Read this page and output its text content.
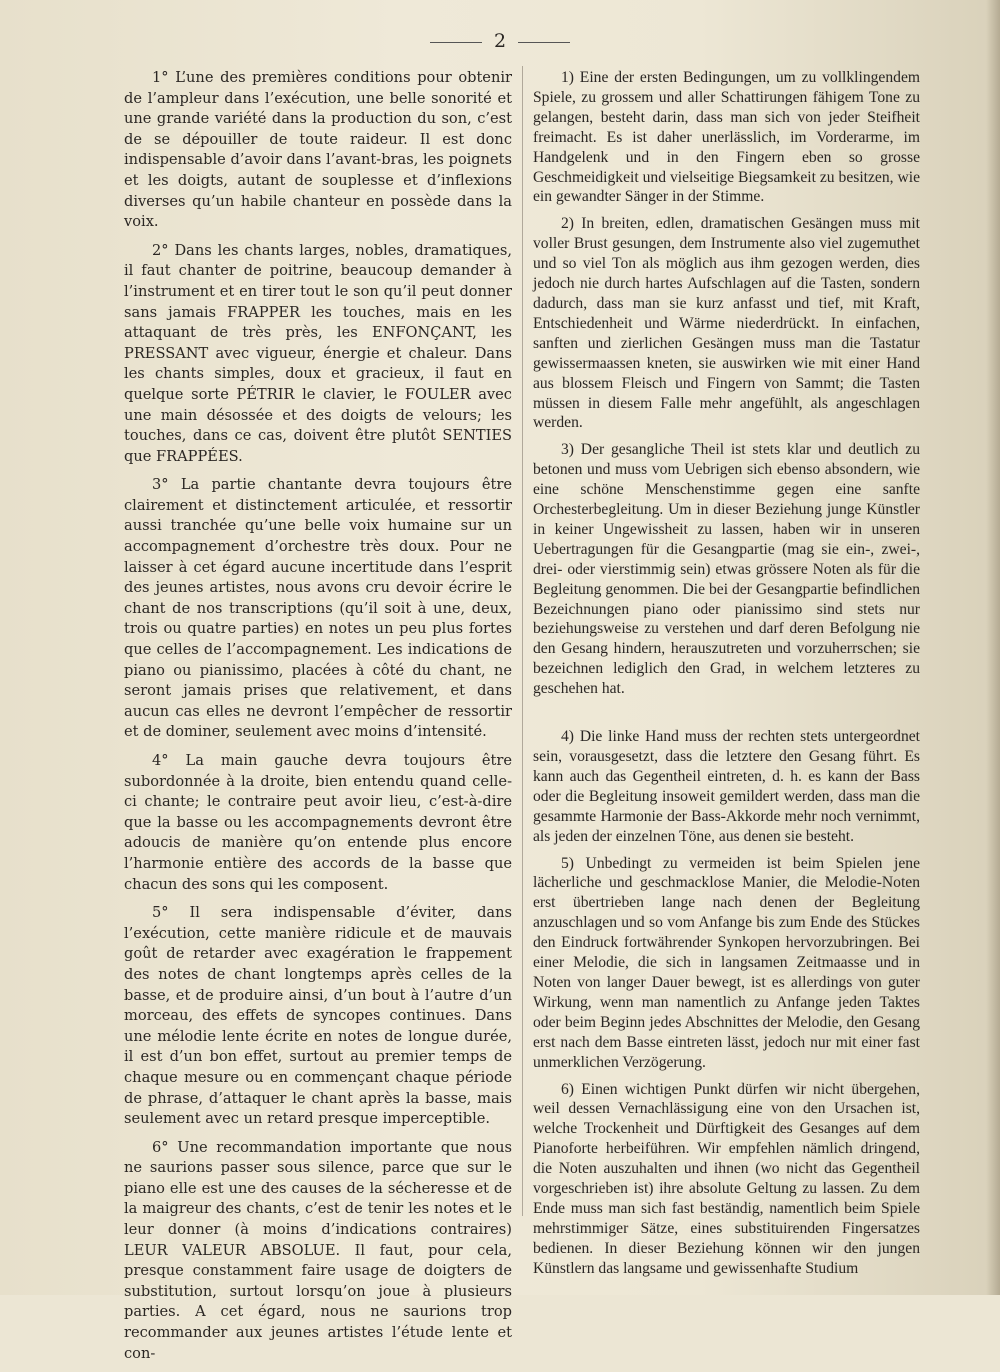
2

1° L’une des premières conditions pour obtenir de l’ampleur dans l’exécution, une belle sonorité et une grande variété dans la production du son, c’est de se dépouiller de toute raideur. Il est donc indispensable d’avoir dans l’avant-bras, les poignets et les doigts, autant de souplesse et d’inflexions diverses qu’un habile chanteur en possède dans la voix.

2° Dans les chants larges, nobles, dramatiques, il faut chanter de poitrine, beaucoup demander à l’instrument et en tirer tout le son qu’il peut donner sans jamais FRAPPER les touches, mais en les attaquant de très près, les ENFONÇANT, les PRESSANT avec vigueur, énergie et chaleur. Dans les chants simples, doux et gracieux, il faut en quelque sorte PÉTRIR le clavier, le FOULER avec une main désossée et des doigts de velours; les touches, dans ce cas, doivent être plutôt SENTIES que FRAPPÉES.

3° La partie chantante devra toujours être clairement et distinctement articulée, et ressortir aussi tranchée qu’une belle voix humaine sur un accompagnement d’orchestre très doux. Pour ne laisser à cet égard aucune incertitude dans l’esprit des jeunes artistes, nous avons cru devoir écrire le chant de nos transcriptions (qu’il soit à une, deux, trois ou quatre parties) en notes un peu plus fortes que celles de l’accompagnement. Les indications de piano ou pianissimo, placées à côté du chant, ne seront jamais prises que relativement, et dans aucun cas elles ne devront l’empêcher de ressortir et de dominer, seulement avec moins d’intensité.

4° La main gauche devra toujours être subordonnée à la droite, bien entendu quand celle-ci chante; le contraire peut avoir lieu, c’est-à-dire que la basse ou les accompagnements devront être adoucis de manière qu’on entende plus encore l’harmonie entière des accords de la basse que chacun des sons qui les composent.

5° Il sera indispensable d’éviter, dans l’exécution, cette manière ridicule et de mauvais goût de retarder avec exagération le frappement des notes de chant longtemps après celles de la basse, et de produire ainsi, d’un bout à l’autre d’un morceau, des effets de syncopes continues. Dans une mélodie lente écrite en notes de longue durée, il est d’un bon effet, surtout au premier temps de chaque mesure ou en commençant chaque période de phrase, d’attaquer le chant après la basse, mais seulement avec un retard presque imperceptible.

6° Une recommandation importante que nous ne saurions passer sous silence, parce que sur le piano elle est une des causes de la sécheresse et de la maigreur des chants, c’est de tenir les notes et le leur donner (à moins d’indications contraires) LEUR VALEUR ABSOLUE. Il faut, pour cela, presque constamment faire usage de doigters de substitution, surtout lorsqu’on joue à plusieurs parties. A cet égard, nous ne saurions trop recommander aux jeunes artistes l’étude lente et con-

1) Eine der ersten Bedingungen, um zu vollklingendem Spiele, zu grossem und aller Schattirungen fähigem Tone zu gelangen, besteht darin, dass man sich von jeder Steifheit freimacht. Es ist daher unerlässlich, im Vorderarme, im Handgelenk und in den Fingern eben so grosse Geschmeidigkeit und vielseitige Biegsamkeit zu besitzen, wie ein gewandter Sänger in der Stimme.

2) In breiten, edlen, dramatischen Gesängen muss mit voller Brust gesungen, dem Instrumente also viel zugemuthet und so viel Ton als möglich aus ihm gezogen werden, dies jedoch nie durch hartes Aufschlagen auf die Tasten, sondern dadurch, dass man sie kurz anfasst und tief, mit Kraft, Entschiedenheit und Wärme niederdrückt. In einfachen, sanften und zierlichen Gesängen muss man die Tastatur gewissermaassen kneten, sie auswirken wie mit einer Hand aus blossem Fleisch und Fingern von Sammt; die Tasten müssen in diesem Falle mehr angefühlt, als angeschlagen werden.

3) Der gesangliche Theil ist stets klar und deutlich zu betonen und muss vom Uebrigen sich ebenso absondern, wie eine schöne Menschenstimme gegen eine sanfte Orchesterbegleitung. Um in dieser Beziehung junge Künstler in keiner Ungewissheit zu lassen, haben wir in unseren Uebertragungen für die Gesangpartie (mag sie ein-, zwei-, drei- oder vierstimmig sein) etwas grössere Noten als für die Begleitung genommen. Die bei der Gesangpartie befindlichen Bezeichnungen piano oder pianissimo sind stets nur beziehungsweise zu verstehen und darf deren Befolgung nie den Gesang hindern, herauszutreten und vorzuherrschen; sie bezeichnen lediglich den Grad, in welchem letzteres zu geschehen hat.

4) Die linke Hand muss der rechten stets untergeordnet sein, vorausgesetzt, dass die letztere den Gesang führt. Es kann auch das Gegentheil eintreten, d. h. es kann der Bass oder die Begleitung insoweit gemildert werden, dass man die gesammte Harmonie der Bass-Akkorde mehr noch vernimmt, als jeden der einzelnen Töne, aus denen sie besteht.

5) Unbedingt zu vermeiden ist beim Spielen jene lächerliche und geschmacklose Manier, die Melodie-Noten erst übertrieben lange nach denen der Begleitung anzuschlagen und so vom Anfange bis zum Ende des Stückes den Eindruck fortwährender Synkopen hervorzubringen. Bei einer Melodie, die sich in langsamen Zeitmaasse und in Noten von langer Dauer bewegt, ist es allerdings von guter Wirkung, wenn man namentlich zu Anfange jeden Taktes oder beim Beginn jedes Abschnittes der Melodie, den Gesang erst nach dem Basse eintreten lässt, jedoch nur mit einer fast unmerklichen Verzögerung.

6) Einen wichtigen Punkt dürfen wir nicht übergehen, weil dessen Vernachlässigung eine von den Ursachen ist, welche Trockenheit und Dürftigkeit des Gesanges auf dem Pianoforte herbeiführen. Wir empfehlen nämlich dringend, die Noten auszuhalten und ihnen (wo nicht das Gegentheil vorgeschrieben ist) ihre absolute Geltung zu lassen. Zu dem Ende muss man sich fast beständig, namentlich beim Spiele mehrstimmiger Sätze, eines substituirenden Fingersatzes bedienen. In dieser Beziehung können wir den jungen Künstlern das langsame und gewissenhafte Studium
